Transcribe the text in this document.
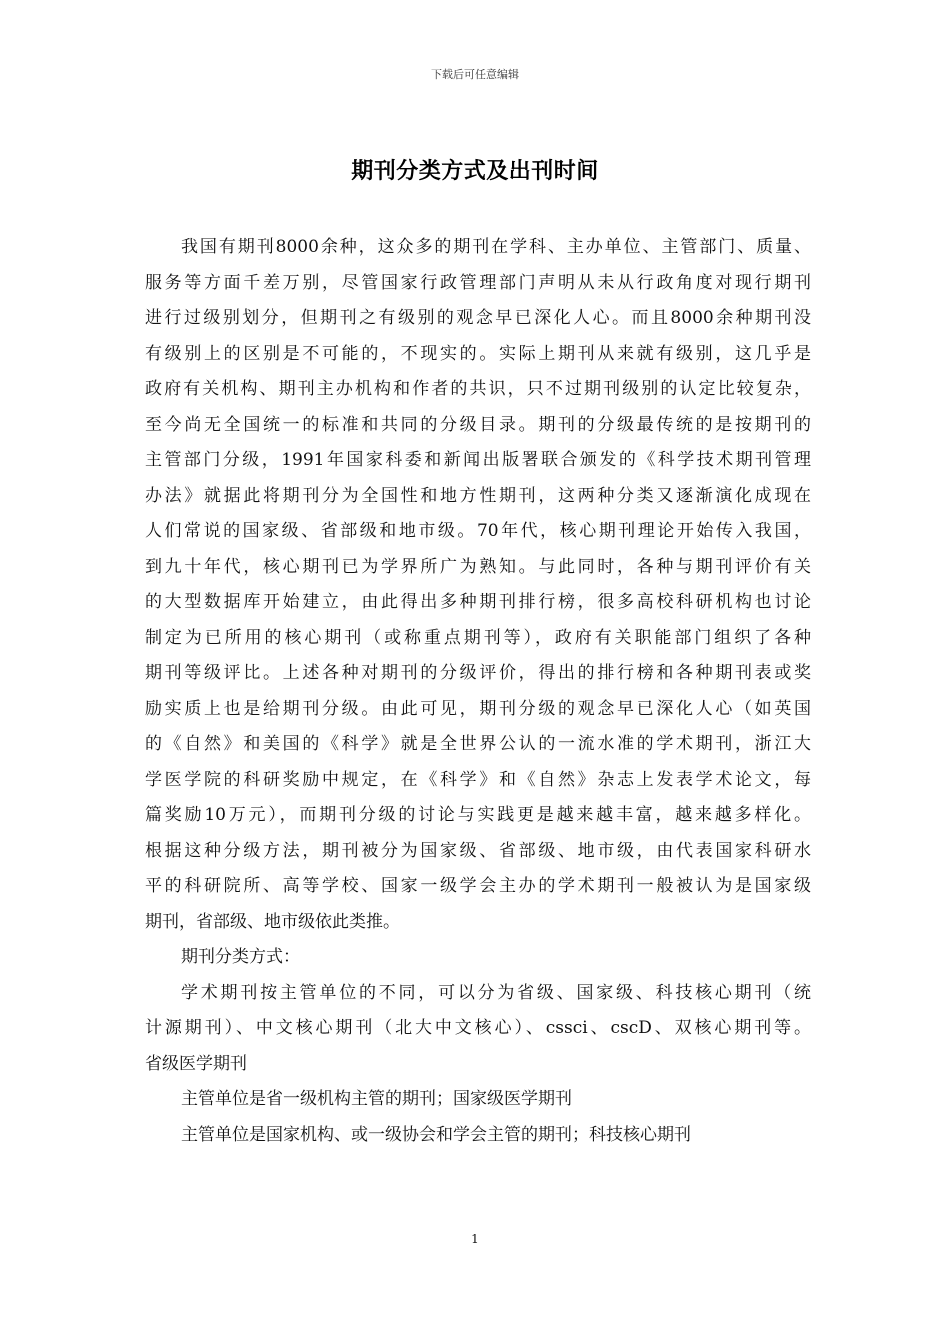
下载后可任意编辑
期刊分类方式及出刊时间
我国有期刊8000余种，这众多的期刊在学科、主办单位、主管部门、质量、
服务等方面千差万别，尽管国家行政管理部门声明从未从行政角度对现行期刊
进行过级别划分，但期刊之有级别的观念早已深化人心。而且8000余种期刊没
有级别上的区别是不可能的，不现实的。实际上期刊从来就有级别，这几乎是
政府有关机构、期刊主办机构和作者的共识，只不过期刊级别的认定比较复杂，
至今尚无全国统一的标准和共同的分级目录。期刊的分级最传统的是按期刊的
主管部门分级，1991年国家科委和新闻出版署联合颁发的《科学技术期刊管理
办法》就据此将期刊分为全国性和地方性期刊，这两种分类又逐渐演化成现在
人们常说的国家级、省部级和地市级。70年代，核心期刊理论开始传入我国，
到九十年代，核心期刊已为学界所广为熟知。与此同时，各种与期刊评价有关
的大型数据库开始建立，由此得出多种期刊排行榜，很多高校科研机构也讨论
制定为已所用的核心期刊（或称重点期刊等），政府有关职能部门组织了各种
期刊等级评比。上述各种对期刊的分级评价，得出的排行榜和各种期刊表或奖
励实质上也是给期刊分级。由此可见，期刊分级的观念早已深化人心（如英国
的《自然》和美国的《科学》就是全世界公认的一流水准的学术期刊，浙江大
学医学院的科研奖励中规定，在《科学》和《自然》杂志上发表学术论文，每
篇奖励10万元），而期刊分级的讨论与实践更是越来越丰富，越来越多样化。
根据这种分级方法，期刊被分为国家级、省部级、地市级，由代表国家科研水
平的科研院所、高等学校、国家一级学会主办的学术期刊一般被认为是国家级
期刊，省部级、地市级依此类推。
期刊分类方式：
学术期刊按主管单位的不同，可以分为省级、国家级、科技核心期刊（统
计源期刊）、中文核心期刊（北大中文核心）、cssci、cscD、双核心期刊等。
省级医学期刊
主管单位是省一级机构主管的期刊；国家级医学期刊
主管单位是国家机构、或一级协会和学会主管的期刊；科技核心期刊
1
